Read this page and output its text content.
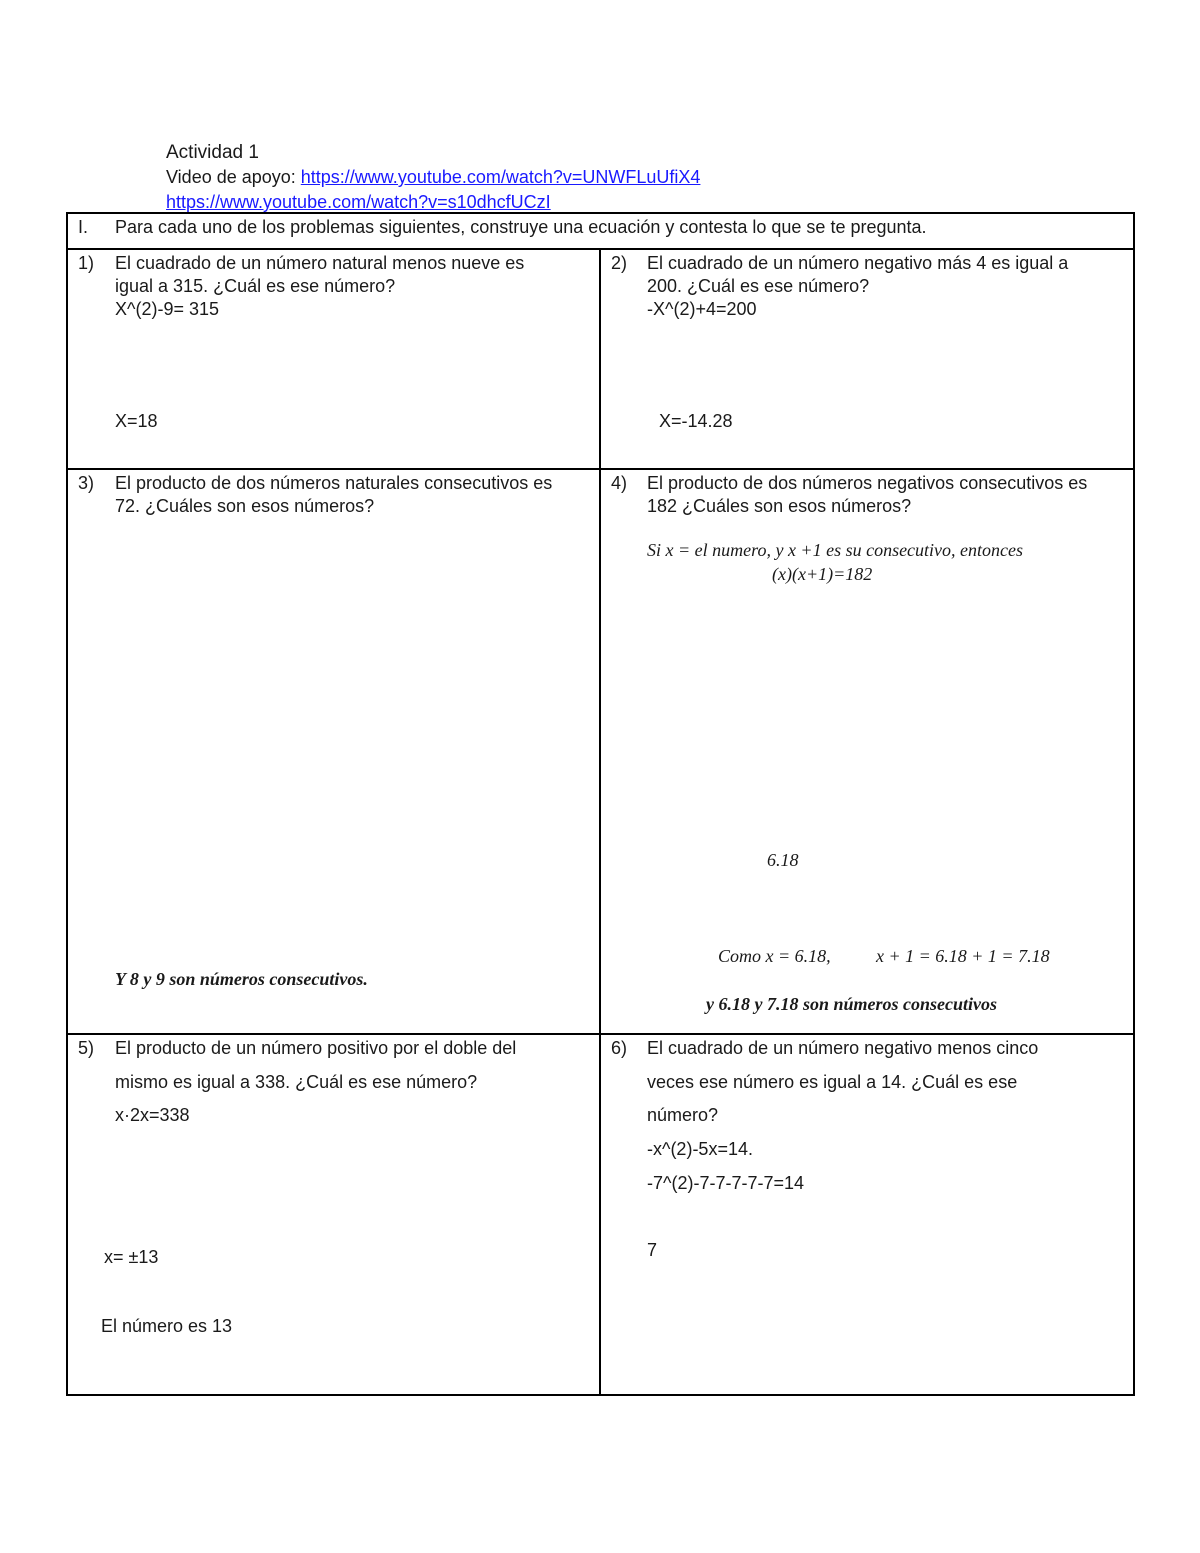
Actividad 1
Video de apoyo: https://www.youtube.com/watch?v=UNWFLuUfiX4
https://www.youtube.com/watch?v=s10dhcfUCzI
I. Para cada uno de los problemas siguientes, construye una ecuación y contesta lo que se te pregunta.
1) El cuadrado de un número natural menos nueve es
igual a 315. ¿Cuál es ese número?
X^(2)-9= 315
X=18
2) El cuadrado de un número negativo más 4 es igual a
200. ¿Cuál es ese número?
-X^(2)+4=200
X=-14.28
3) El producto de dos números naturales consecutivos es
72. ¿Cuáles son esos números?
Y 8 y 9 son números consecutivos.
4) El producto de dos números negativos consecutivos es
182 ¿Cuáles son esos números?
Si x = el numero, y x +1 es su consecutivo, entonces
(x)(x+1)=182
6.18
Como x = 6.18,	x + 1 = 6.18 + 1 = 7.18
y 6.18 y 7.18 son números consecutivos
5) El producto de un número positivo por el doble del
mismo es igual a 338. ¿Cuál es ese número?
x·2x=338
x= ±13
El número es 13
6) El cuadrado de un número negativo menos cinco
veces ese número es igual a 14. ¿Cuál es ese
número?
-x^(2)-5x=14.
-7^(2)-7-7-7-7-7=14
7
